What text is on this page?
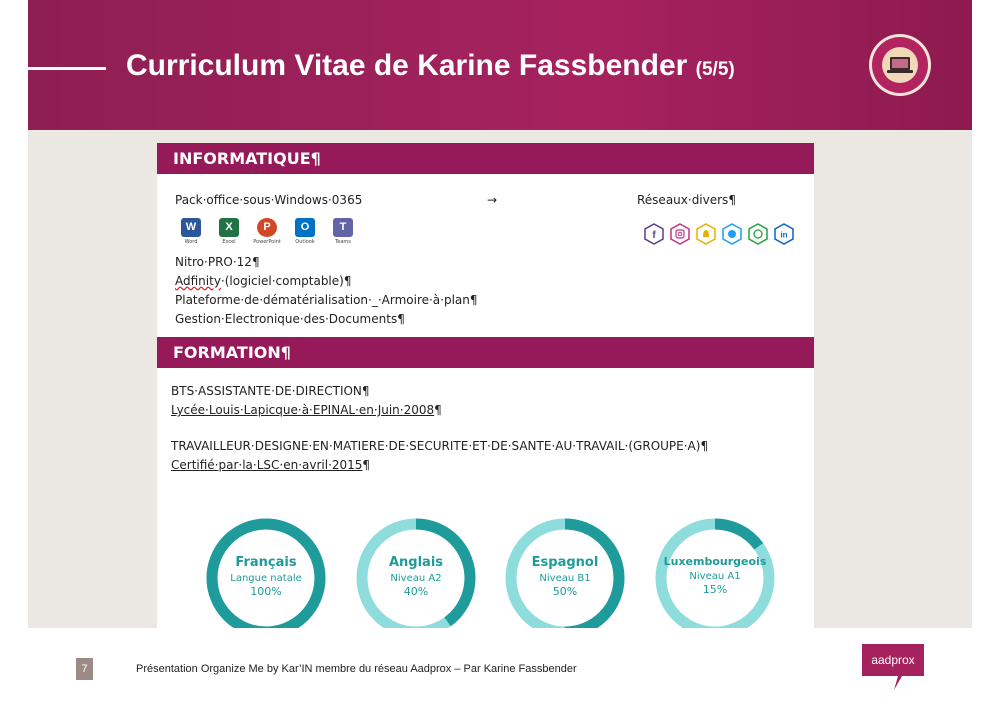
Curriculum Vitae de Karine Fassbender (5/5)
INFORMATIQUE¶
Pack·office·sous·Windows·0365	→	Réseaux·divers¶
W
Word
X
Excel
P
PowerPoint
O
Outlook
T
Teams
f	in
Nitro·PRO·12¶
Adfinity·(logiciel·comptable)¶
Plateforme·de·dématérialisation·_·Armoire·à·plan¶
Gestion·Electronique·des·Documents¶
FORMATION¶
BTS·ASSISTANTE·DE·DIRECTION¶
Lycée·Louis·Lapicque·à·EPINAL·en·Juin·2008¶
TRAVAILLEUR·DESIGNE·EN·MATIERE·DE·SECURITE·ET·DE·SANTE·AU·TRAVAIL·(GROUPE·A)¶
Certifié·par·la·LSC·en·avril·2015¶
Français
Langue natale
100%
Anglais
Niveau A2
40%
Espagnol
Niveau B1
50%
Luxembourgeois
Niveau A1
15%
7	Présentation Organize Me by Kar’IN membre du réseau Aadprox – Par Karine Fassbender
aadprox
